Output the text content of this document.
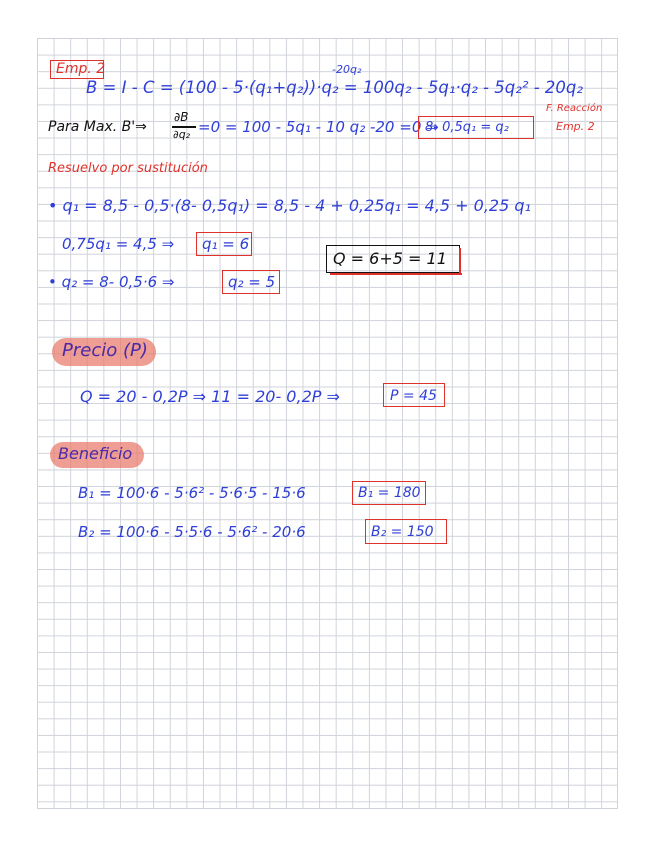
Emp. 2	-20q₂
B = I - C = (100 - 5·(q₁+q₂))·q₂ = 100q₂ - 5q₁·q₂ - 5q₂² - 20q₂
Para Max. B'⇒
∂B
∂q₂ =0 = 100 - 5q₁ - 10 q₂ -20 =0 ⇒
8- 0,5q₁ = q₂
F. Reacción
Emp. 2
Resuelvo por sustitución
• q₁ = 8,5 - 0,5·(8- 0,5q₁) = 8,5 - 4 + 0,25q₁ = 4,5 + 0,25 q₁
0,75q₁ = 4,5 ⇒ q₁ = 6
Q = 6+5 = 11
• q₂ = 8- 0,5·6 ⇒	q₂ = 5
Precio (P)
Q = 20 - 0,2P ⇒ 11 = 20- 0,2P ⇒	P = 45
Beneficio
B₁ = 100·6 - 5·6² - 5·6·5 - 15·6	B₁ = 180
B₂ = 100·6 - 5·5·6 - 5·6² - 20·6	B₂ = 150
